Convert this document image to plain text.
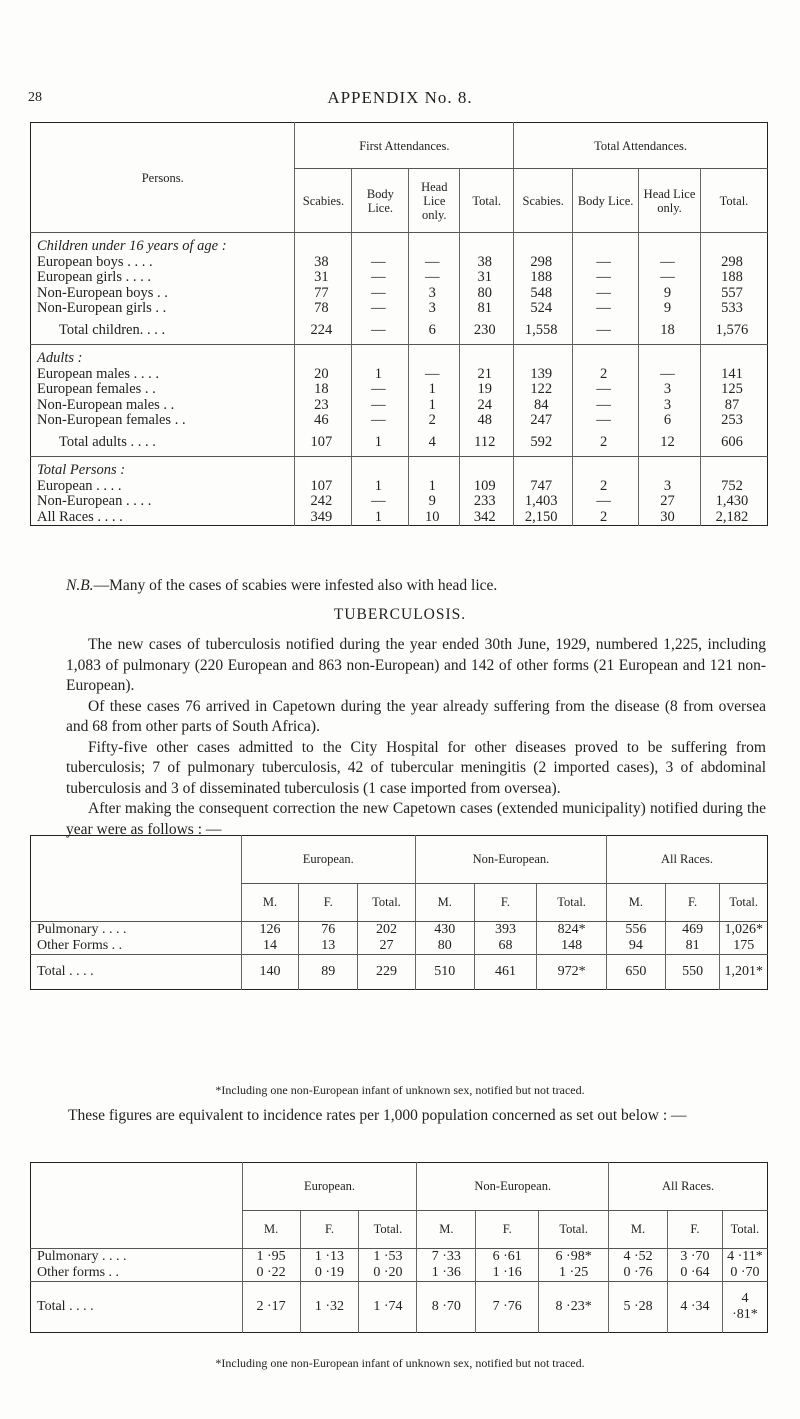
28	APPENDIX No. 8.
Persons.	First Attendances.				Total Attendances.			
	Scabies.	Body Lice.	Head Lice only.	Total.	Scabies.	Body Lice.	Head Lice only.	Total.
Children under 16 years of age :								
European boys . . . .	38	—	—	38	298	—	—	298
European girls . . . .	31	—	—	31	188	—	—	188
Non-European boys . .	77	—	3	80	548	—	9	557
Non-European girls . .	78	—	3	81	524	—	9	533
Total children. . . .	224	—	6	230	1,558	—	18	1,576
Adults :								
European males . . . .	20	1	—	21	139	2	—	141
European females . .	18	—	1	19	122	—	3	125
Non-European males . .	23	—	1	24	84	—	3	87
Non-European females . .	46	—	2	48	247	—	6	253
Total adults . . . .	107	1	4	112	592	2	12	606
Total Persons :								
European . . . .	107	1	1	109	747	2	3	752
Non-European . . . .	242	—	9	233	1,403	—	27	1,430
All Races . . . .	349	1	10	342	2,150	2	30	2,182
N.B.—Many of the cases of scabies were infested also with head lice.
TUBERCULOSIS.

The new cases of tuberculosis notified during the year ended 30th June, 1929, numbered 1,225, including 1,083 of pulmonary (220 European and 863 non-European) and 142 of other forms (21 European and 121 non-European).

Of these cases 76 arrived in Capetown during the year already suffering from the disease (8 from oversea and 68 from other parts of South Africa).

Fifty-five other cases admitted to the City Hospital for other diseases proved to be suffering from tuberculosis; 7 of pulmonary tuberculosis, 42 of tubercular meningitis (2 imported cases), 3 of abdominal tuberculosis and 3 of disseminated tuberculosis (1 case imported from oversea).

After making the consequent correction the new Capetown cases (extended municipality) notified during the year were as follows : —

	European.			Non-European.			All Races.		
	M.	F.	Total.	M.	F.	Total.	M.	F.	Total.
Pulmonary . . . .	126	76	202	430	393	824*	556	469	1,026*
Other Forms . .	14	13	27	80	68	148	94	81	175
Total . . . .	140	89	229	510	461	972*	650	550	1,201*
*Including one non-European infant of unknown sex, notified but not traced.

These figures are equivalent to incidence rates per 1,000 population concerned as set out below : —

	European.			Non-European.			All Races.		
	M.	F.	Total.	M.	F.	Total.	M.	F.	Total.
Pulmonary . . . .	1 ·95	1 ·13	1 ·53	7 ·33	6 ·61	6 ·98*	4 ·52	3 ·70	4 ·11*
Other forms . .	0 ·22	0 ·19	0 ·20	1 ·36	1 ·16	1 ·25	0 ·76	0 ·64	0 ·70
Total . . . .	2 ·17	1 ·32	1 ·74	8 ·70	7 ·76	8 ·23*	5 ·28	4 ·34	4 ·81*
*Including one non-European infant of unknown sex, notified but not traced.
